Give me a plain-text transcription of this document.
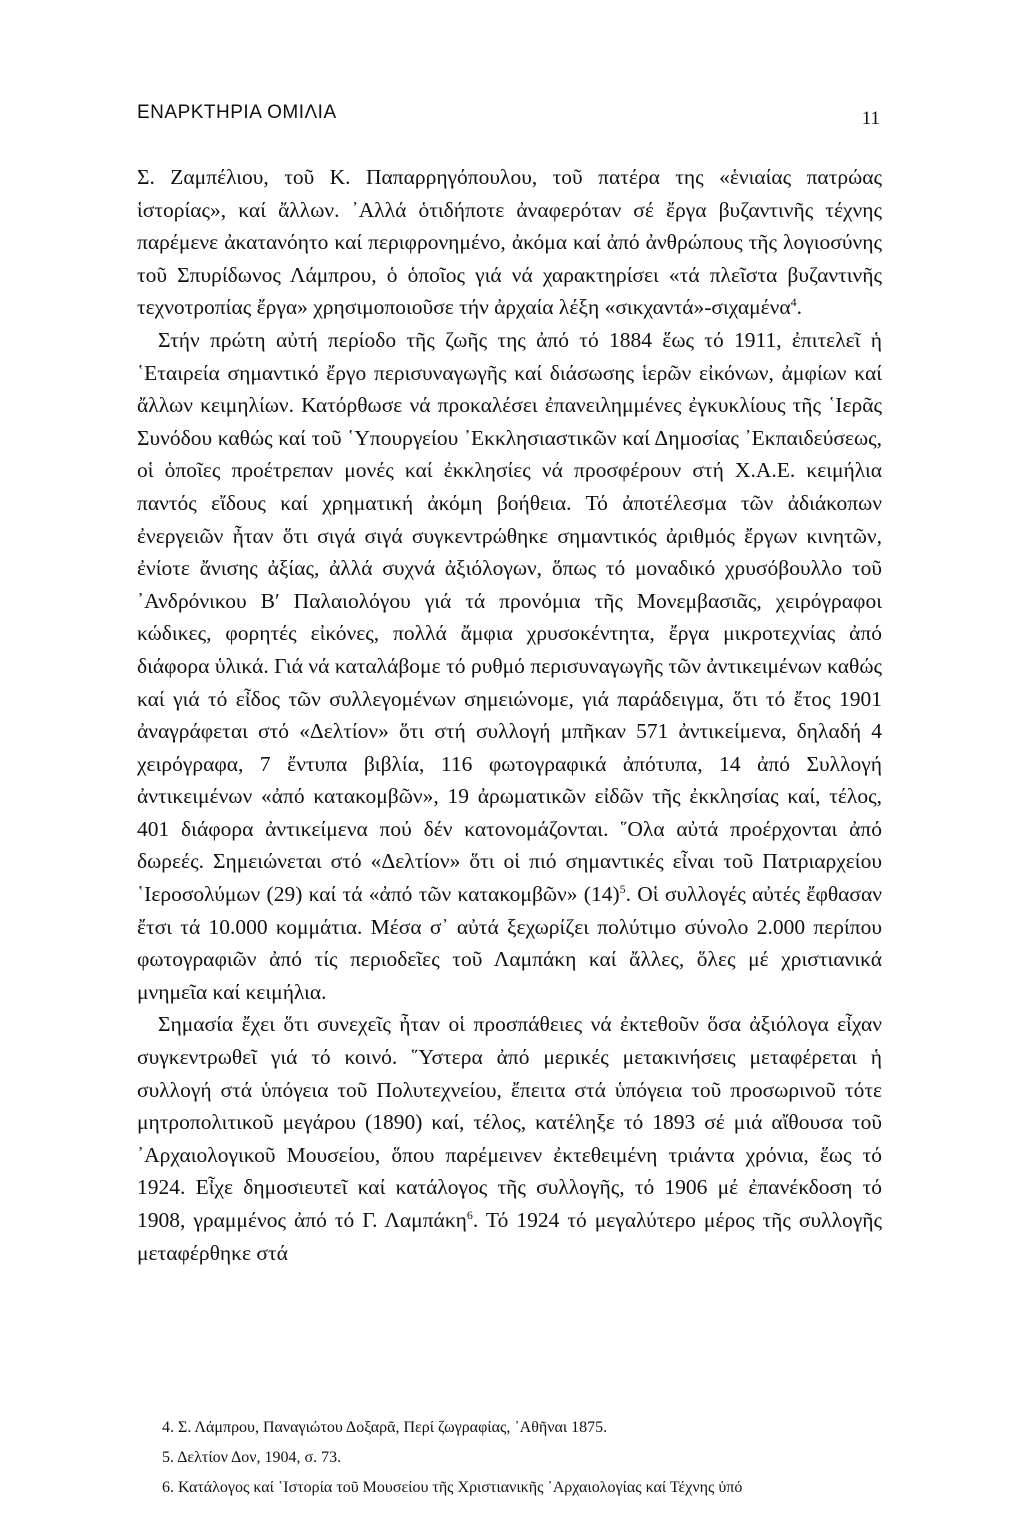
ΕΝΑΡΚΤΗΡΙΑ ΟΜΙΛΙΑ	11

Σ. Ζαμπέλιου, τοῦ Κ. Παπαρρηγόπουλου, τοῦ πατέρα της «ἑνιαίας πατρώας ἱστορίας», καί ἄλλων. ᾿Αλλά ὁτιδήποτε ἀναφερόταν σέ ἔργα βυζαντινῆς τέχνης παρέμενε ἀκατανόητο καί περιφρονημένο, ἀκόμα καί ἀπό ἀνθρώπους τῆς λογιοσύνης τοῦ Σπυρίδωνος Λάμπρου, ὁ ὁποῖος γιά νά χαρακτηρίσει «τά πλεῖστα βυζαντινῆς τεχνοτροπίας ἔργα» χρησιμοποιοῦσε τήν ἀρχαία λέξη «σικχαντά»-σιχαμένα$^4$.

Στήν πρώτη αὐτή περίοδο τῆς ζωῆς της ἀπό τό 1884 ἕως τό 1911, ἐπιτελεῖ ἡ ῾Εταιρεία σημαντικό ἔργο περισυναγωγῆς καί διάσωσης ἱερῶν εἰκόνων, ἀμφίων καί ἄλλων κειμηλίων. Κατόρθωσε νά προκαλέσει ἐπανειλημμένες ἐγκυκλίους τῆς ῾Ιερᾶς Συνόδου καθώς καί τοῦ ῾Υπουργείου ᾿Εκκλησιαστικῶν καί Δημοσίας ᾿Εκπαιδεύσεως, οἱ ὁποῖες προέτρεπαν μονές καί ἐκκλησίες νά προσφέρουν στή Χ.Α.Ε. κειμήλια παντός εἴδους καί χρηματική ἀκόμη βοήθεια. Τό ἀποτέλεσμα τῶν ἀδιάκοπων ἐνεργειῶν ἦταν ὅτι σιγά σιγά συγκεντρώθηκε σημαντικός ἀριθμός ἔργων κινητῶν, ἐνίοτε ἄνισης ἀξίας, ἀλλά συχνά ἀξιόλογων, ὅπως τό μοναδικό χρυσόβουλλο τοῦ ᾿Ανδρόνικου Β′ Παλαιολόγου γιά τά προνόμια τῆς Μονεμβασιᾶς, χειρόγραφοι κώδικες, φορητές εἰκόνες, πολλά ἄμφια χρυσοκέντητα, ἔργα μικροτεχνίας ἀπό διάφορα ὑλικά. Γιά νά καταλάβομε τό ρυθμό περισυναγωγῆς τῶν ἀντικειμένων καθώς καί γιά τό εἶδος τῶν συλλεγομένων σημειώνομε, γιά παράδειγμα, ὅτι τό ἔτος 1901 ἀναγράφεται στό «Δελτίον» ὅτι στή συλλογή μπῆκαν 571 ἀντικείμενα, δηλαδή 4 χειρόγραφα, 7 ἔντυπα βιβλία, 116 φωτογραφικά ἀπότυπα, 14 ἀπό Συλλογή ἀντικειμένων «ἀπό κατακομβῶν», 19 ἀρωματικῶν εἰδῶν τῆς ἐκκλησίας καί, τέλος, 401 διάφορα ἀντικείμενα πού δέν κατονομάζονται. ῞Ολα αὐτά προέρχονται ἀπό δωρεές. Σημειώνεται στό «Δελτίον» ὅτι οἱ πιό σημαντικές εἶναι τοῦ Πατριαρχείου ῾Ιεροσολύμων (29) καί τά «ἀπό τῶν κατακομβῶν» $(14)^5$. Οἱ συλλογές αὐτές ἔφθασαν ἔτσι τά 10.000 κομμάτια. Μέσα σ᾿ αὐτά ξεχωρίζει πολύτιμο σύνολο 2.000 περίπου φωτογραφιῶν ἀπό τίς περιοδεῖες τοῦ Λαμπάκη καί ἄλλες, ὅλες μέ χριστιανικά μνημεῖα καί κειμήλια.

Σημασία ἔχει ὅτι συνεχεῖς ἦταν οἱ προσπάθειες νά ἐκτεθοῦν ὅσα ἀξιόλογα εἶχαν συγκεντρωθεῖ γιά τό κοινό. ῞Υστερα ἀπό μερικές μετακινήσεις μεταφέρεται ἡ συλλογή στά ὑπόγεια τοῦ Πολυτεχνείου, ἔπειτα στά ὑπόγεια τοῦ προσωρινοῦ τότε μητροπολιτικοῦ μεγάρου (1890) καί, τέλος, κατέληξε τό 1893 σέ μιά αἴθουσα τοῦ ᾿Αρχαιολογικοῦ Μουσείου, ὅπου παρέμεινεν ἐκτεθειμένη τριάντα χρόνια, ἕως τό 1924. Εἶχε δημοσιευτεῖ καί κατάλογος τῆς συλλογῆς, τό 1906 μέ ἐπανέκδοση τό 1908, γραμμένος ἀπό τό Γ. Λαμπάκη$^6$. Τό 1924 τό μεγαλύτερο μέρος τῆς συλλογῆς μεταφέρθηκε στά

4. Σ. Λάμπρου, Παναγιώτου Δοξαρᾶ, Περί ζωγραφίας, ᾿Αθῆναι 1875.
5. Δελτίον Δον, 1904, σ. 73.
6. Κατάλογος καί ῾Ιστορία τοῦ Μουσείου τῆς Χριστιανικῆς ᾿Αρχαιολογίας καί Τέχνης ὑπό
